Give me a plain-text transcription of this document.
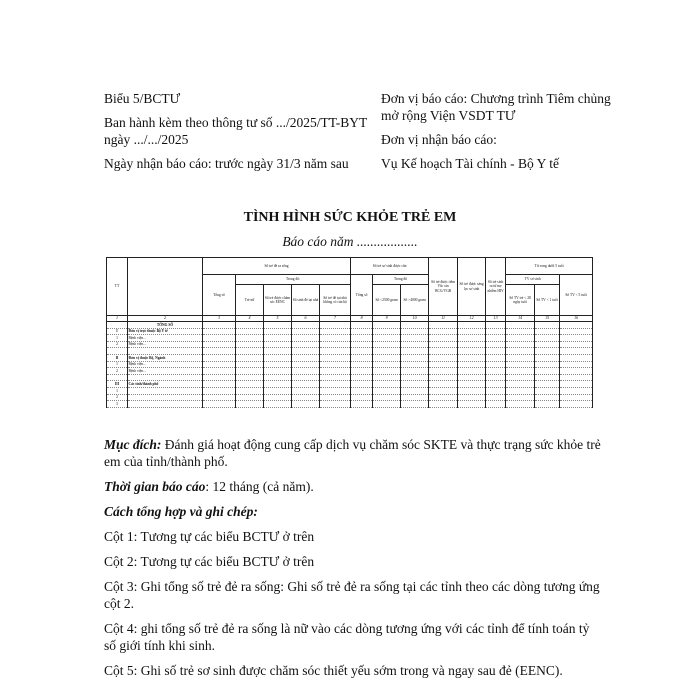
Biểu 5/BCTƯ

Ban hành kèm theo thông tư số .../2025/TT-BYT ngày .../.../2025

Ngày nhận báo cáo: trước ngày 31/3 năm sau

Đơn vị báo cáo: Chương trình Tiêm chủng mở rộng Viện VSDT TƯ

Đơn vị nhận báo cáo:

Vụ Kế hoạch Tài chính - Bộ Y tế

TÌNH HÌNH SỨC KHỎE TRẺ EM
Báo cáo năm ..................
TT		Số trẻ đẻ ra sống					Số trẻ sơ sinh được cân			Số trẻ được tiêm Vắc xin BCG/VGB	Số trẻ được sàng lọc sơ sinh	Số trẻ sinh ra từ mẹ nhiễm HIV	Tử vong dưới 5 tuổi		
		Tổng số	Trong đó:				Tổng số	Trong đó					TV sơ sinh		Số TV < 5 tuổi
			Trẻ nữ	Số trẻ được chăm sóc EENC	Số sinh đẻ tại nhà	Số trẻ đẻ tại nhà không có cán bộ		Số <2500 gram	Số >4000 gram				Số TV trẻ < 28 ngày tuổi	Số TV < 1 tuổi	
1	2	3	4	5	6	7	8	9	10	11	12	13	14	15	16
	TỔNG SỐ														
I	Đơn vị trực thuộc Bộ Y tế														
1	Bệnh viện...														
2	Bệnh viện...														

II	Đơn vị thuộc Bộ, Ngành														
1	Bệnh viện...														
2	Bệnh viện...														

III	Các tỉnh/thành phố														
1															
2															
3															

Mục đích: Đánh giá hoạt động cung cấp dịch vụ chăm sóc SKTE và thực trạng sức khỏe trẻ em của tỉnh/thành phố.

Thời gian báo cáo: 12 tháng (cả năm).

Cách tổng hợp và ghi chép:

Cột 1: Tương tự các biểu BCTƯ ở trên

Cột 2: Tương tự các biểu BCTƯ ở trên

Cột 3: Ghi tổng số trẻ đẻ ra sống: Ghi số trẻ đẻ ra sống tại các tỉnh theo các dòng tương ứng cột 2.

Cột 4: ghi tổng số trẻ đẻ ra sống là nữ vào các dòng tương ứng với các tỉnh để tính toán tỷ số giới tính khi sinh.

Cột 5: Ghi số trẻ sơ sinh được chăm sóc thiết yếu sớm trong và ngay sau đẻ (EENC).
